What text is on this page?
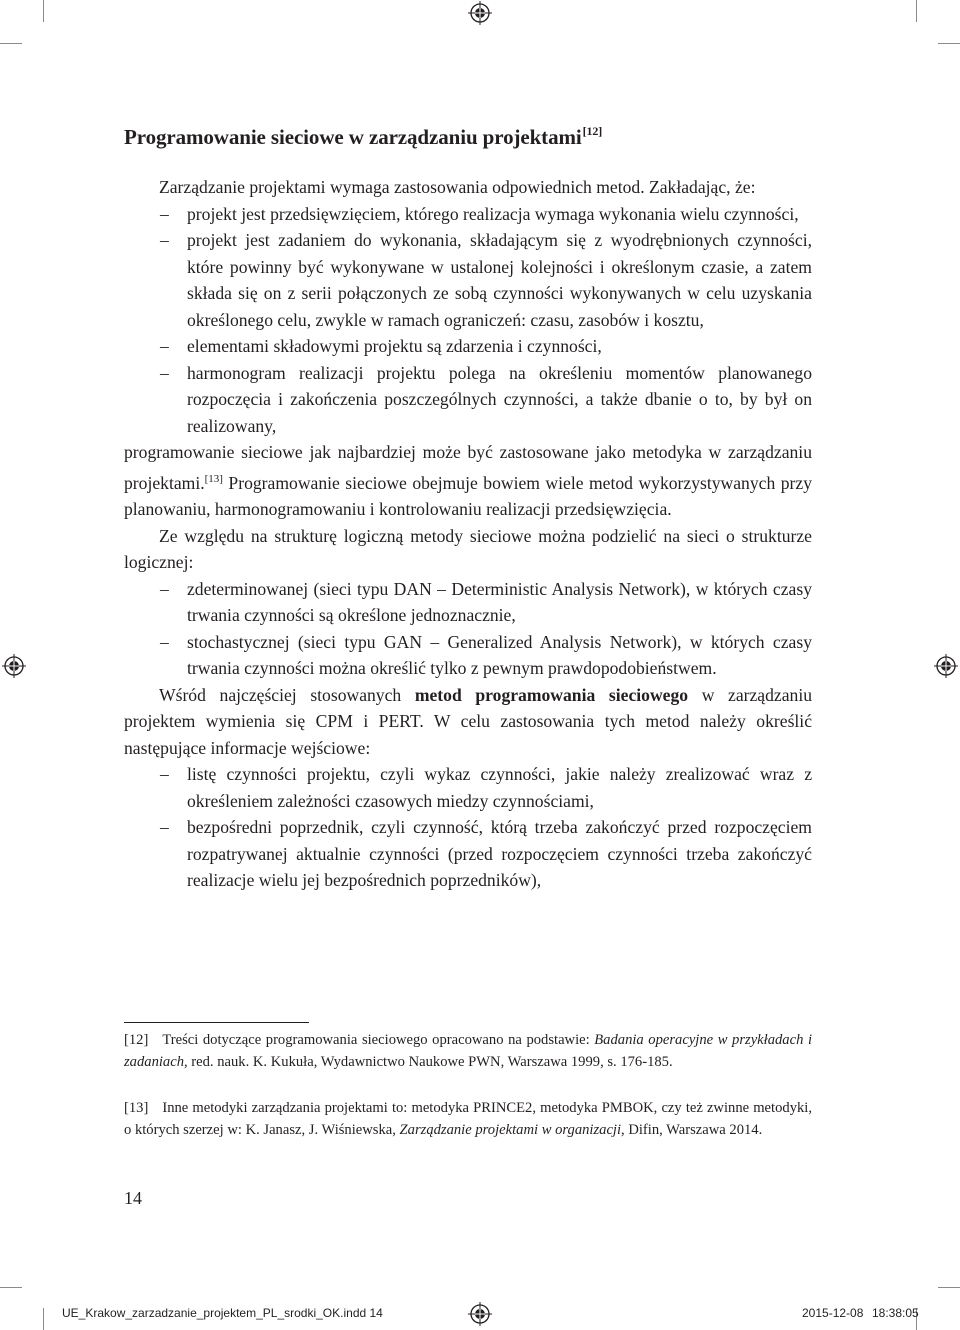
Programowanie sieciowe w zarządzaniu projektami[12]

Zarządzanie projektami wymaga zastosowania odpowiednich metod. Zakładając, że:

– projekt jest przedsięwzięciem, którego realizacja wymaga wykonania wielu czynności,
– projekt jest zadaniem do wykonania, składającym się z wyodrębnionych czynności, które powinny być wykonywane w ustalonej kolejności i określonym czasie, a zatem składa się on z serii połączonych ze sobą czynności wykonywanych w celu uzyskania określonego celu, zwykle w ramach ograniczeń: czasu, zasobów i kosztu,
– elementami składowymi projektu są zdarzenia i czynności,
– harmonogram realizacji projektu polega na określeniu momentów planowanego rozpoczęcia i zakończenia poszczególnych czynności, a także dbanie o to, by był on realizowany,

programowanie sieciowe jak najbardziej może być zastosowane jako metodyka w zarządzaniu projektami.[13] Programowanie sieciowe obejmuje bowiem wiele metod wykorzystywanych przy planowaniu, harmonogramowaniu i kontrolowaniu realizacji przedsięwzięcia.

Ze względu na strukturę logiczną metody sieciowe można podzielić na sieci o strukturze logicznej:

– zdeterminowanej (sieci typu DAN – Deterministic Analysis Network), w których czasy trwania czynności są określone jednoznacznie,
– stochastycznej (sieci typu GAN – Generalized Analysis Network), w których czasy trwania czynności można określić tylko z pewnym prawdopodobieństwem.

Wśród najczęściej stosowanych metod programowania sieciowego w zarządzaniu projektem wymienia się CPM i PERT. W celu zastosowania tych metod należy określić następujące informacje wejściowe:

– listę czynności projektu, czyli wykaz czynności, jakie należy zrealizować wraz z określeniem zależności czasowych miedzy czynnościami,
– bezpośredni poprzednik, czyli czynność, którą trzeba zakończyć przed rozpoczęciem rozpatrywanej aktualnie czynności (przed rozpoczęciem czynności trzeba zakończyć realizacje wielu jej bezpośrednich poprzedników),

[12] Treści dotyczące programowania sieciowego opracowano na podstawie: Badania operacyjne w przykładach i zadaniach, red. nauk. K. Kukuła, Wydawnictwo Naukowe PWN, Warszawa 1999, s. 176-185.

[13] Inne metodyki zarządzania projektami to: metodyka PRINCE2, metodyka PMBOK, czy też zwinne metodyki, o których szerzej w: K. Janasz, J. Wiśniewska, Zarządzanie projektami w organizacji, Difin, Warszawa 2014.

14
UE_Krakow_zarzadzanie_projektem_PL_srodki_OK.indd 14	2015-12-08 18:38:05
